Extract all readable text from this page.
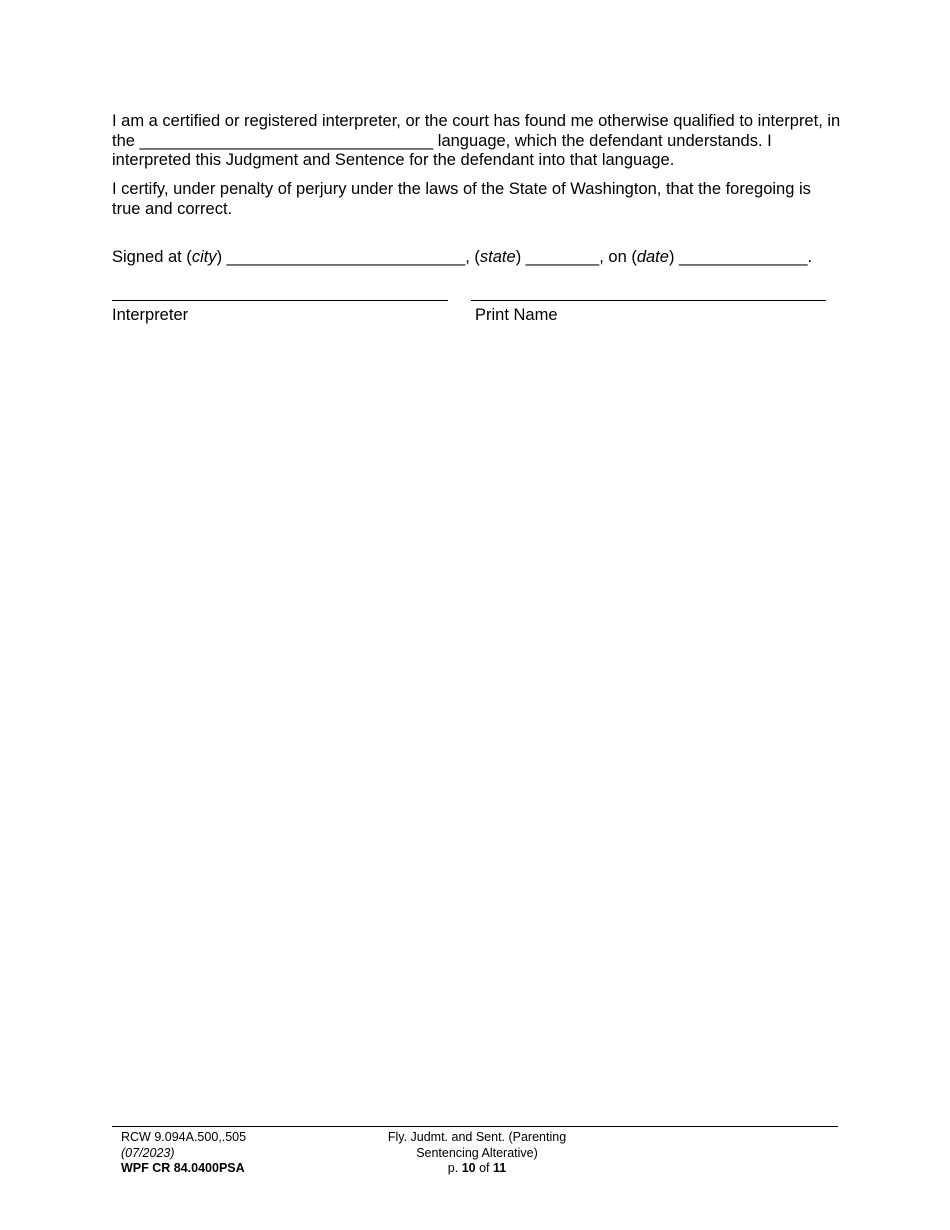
I am a certified or registered interpreter, or the court has found me otherwise qualified to interpret, in the ________________________________ language, which the defendant understands. I interpreted this Judgment and Sentence for the defendant into that language.

I certify, under penalty of perjury under the laws of the State of Washington, that the foregoing is true and correct.

Signed at (city) __________________________, (state) ________, on (date) ______________.

Interpreter	Print Name
RCW 9.094A.500,.505
(07/2023)
WPF CR 84.0400PSA
Fly. Judmt. and Sent. (Parenting
Sentencing Alterative)
p. 10 of 11
